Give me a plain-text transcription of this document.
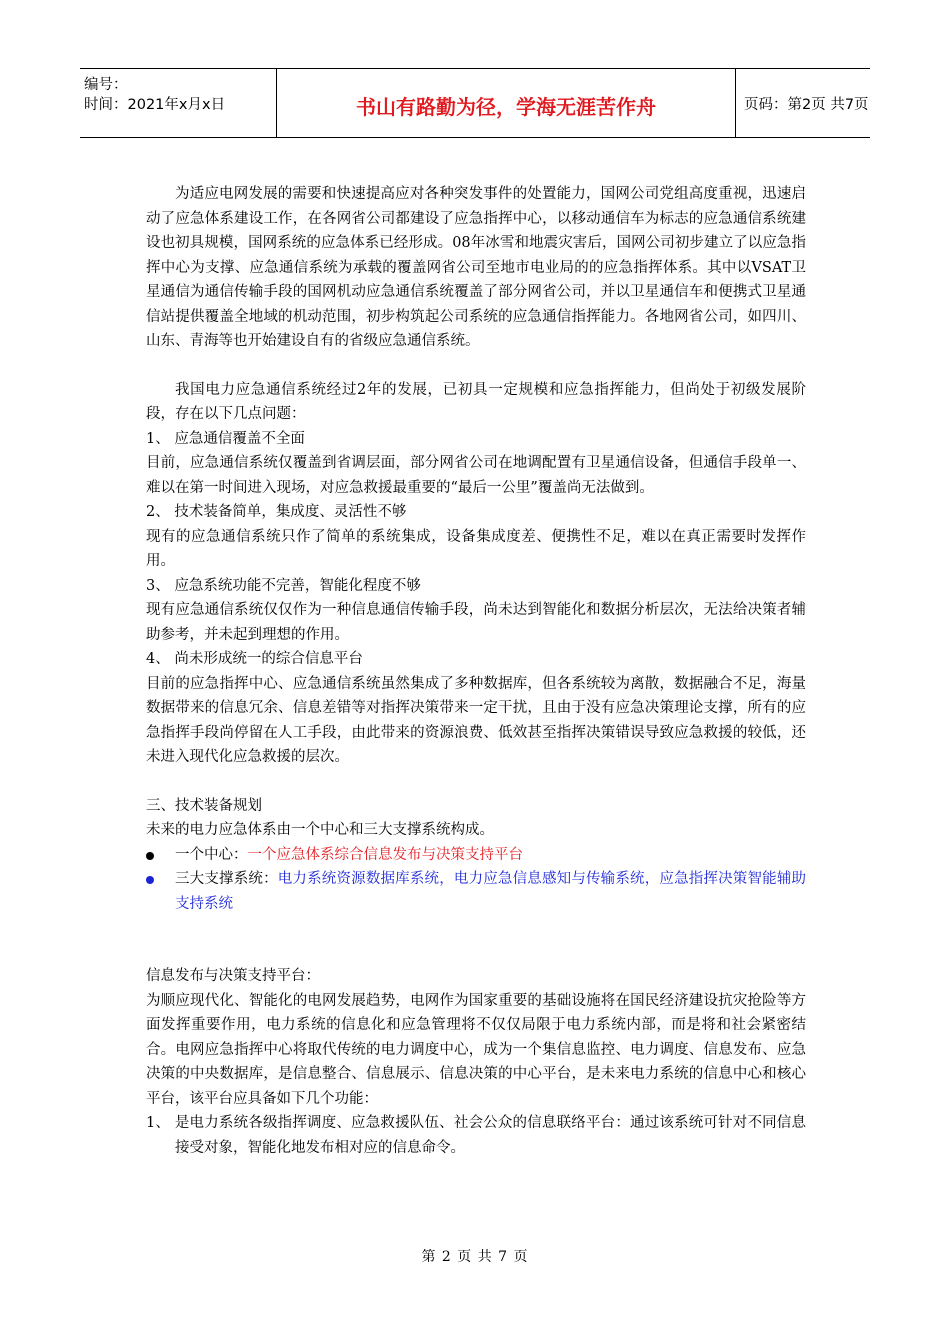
编号：
时间：2021年x月x日	书山有路勤为径，学海无涯苦作舟	页码：第2页 共7页

为适应电网发展的需要和快速提高应对各种突发事件的处置能力，国网公司党组高度重视，迅速启动了应急体系建设工作，在各网省公司都建设了应急指挥中心，以移动通信车为标志的应急通信系统建设也初具规模，国网系统的应急体系已经形成。08年冰雪和地震灾害后，国网公司初步建立了以应急指挥中心为支撑、应急通信系统为承载的覆盖网省公司至地市电业局的的应急指挥体系。其中以VSAT卫星通信为通信传输手段的国网机动应急通信系统覆盖了部分网省公司，并以卫星通信车和便携式卫星通信站提供覆盖全地域的机动范围，初步构筑起公司系统的应急通信指挥能力。各地网省公司，如四川、山东、青海等也开始建设自有的省级应急通信系统。

我国电力应急通信系统经过2年的发展，已初具一定规模和应急指挥能力，但尚处于初级发展阶段，存在以下几点问题：

1、 应急通信覆盖不全面

目前，应急通信系统仅覆盖到省调层面，部分网省公司在地调配置有卫星通信设备，但通信手段单一、难以在第一时间进入现场，对应急救援最重要的“最后一公里”覆盖尚无法做到。

2、 技术装备简单，集成度、灵活性不够

现有的应急通信系统只作了简单的系统集成，设备集成度差、便携性不足，难以在真正需要时发挥作用。

3、 应急系统功能不完善，智能化程度不够

现有应急通信系统仅仅作为一种信息通信传输手段，尚未达到智能化和数据分析层次，无法给决策者辅助参考，并未起到理想的作用。

4、 尚未形成统一的综合信息平台

目前的应急指挥中心、应急通信系统虽然集成了多种数据库，但各系统较为离散，数据融合不足，海量数据带来的信息冗余、信息差错等对指挥决策带来一定干扰，且由于没有应急决策理论支撑，所有的应急指挥手段尚停留在人工手段，由此带来的资源浪费、低效甚至指挥决策错误导致应急救援的较低，还未进入现代化应急救援的层次。

三、技术装备规划

未来的电力应急体系由一个中心和三大支撑系统构成。

一个中心：一个应急体系综合信息发布与决策支持平台

三大支撑系统：电力系统资源数据库系统，电力应急信息感知与传输系统，应急指挥决策智能辅助支持系统

信息发布与决策支持平台：

为顺应现代化、智能化的电网发展趋势，电网作为国家重要的基础设施将在国民经济建设抗灾抢险等方面发挥重要作用，电力系统的信息化和应急管理将不仅仅局限于电力系统内部，而是将和社会紧密结合。电网应急指挥中心将取代传统的电力调度中心，成为一个集信息监控、电力调度、信息发布、应急决策的中央数据库，是信息整合、信息展示、信息决策的中心平台，是未来电力系统的信息中心和核心平台，该平台应具备如下几个功能：

1、 是电力系统各级指挥调度、应急救援队伍、社会公众的信息联络平台：通过该系统可针对不同信息接受对象，智能化地发布相对应的信息命令。

第 2 页 共 7 页
